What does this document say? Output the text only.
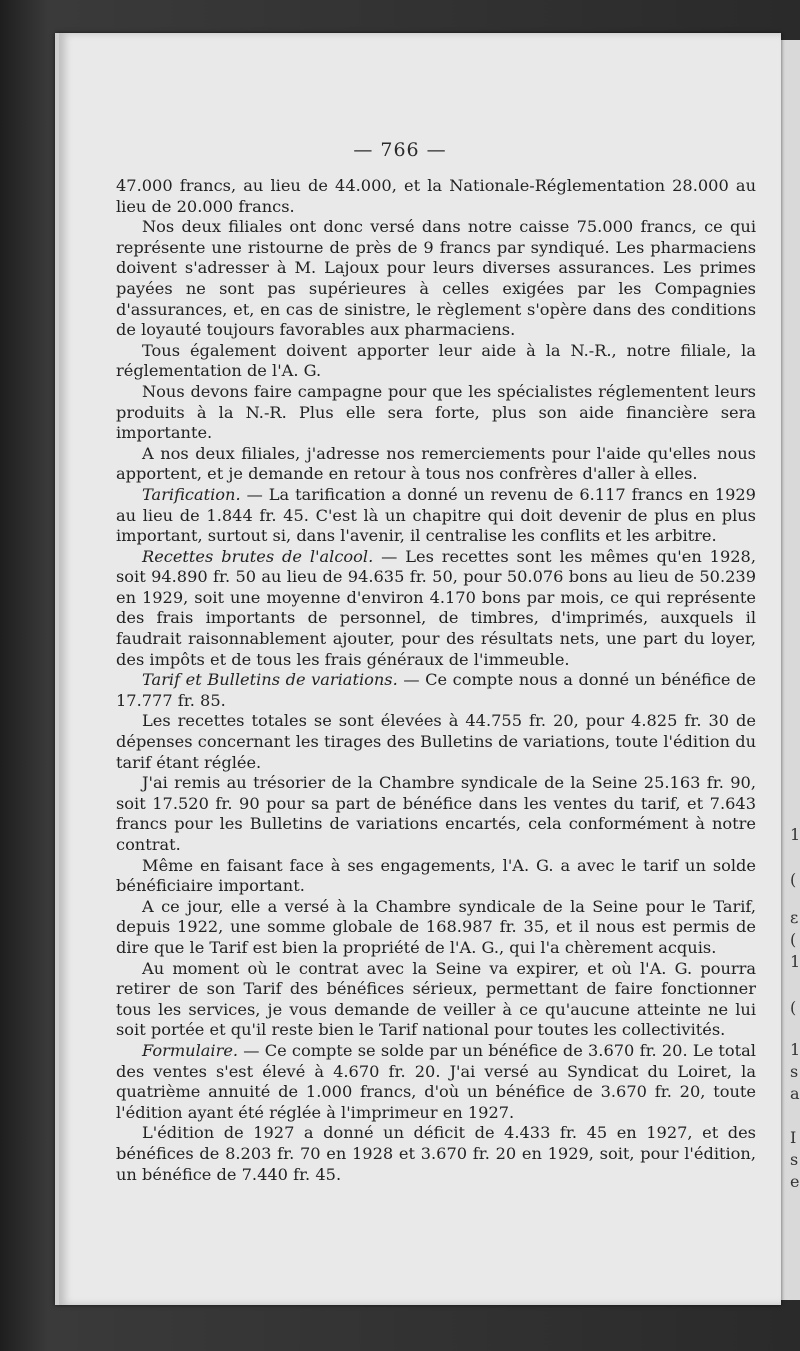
1
(
ε
(
1
(
1
s
a
I
s
e
— 766 —

47.000 francs, au lieu de 44.000, et la Nationale-Réglementation 28.000 au lieu de 20.000 francs.

Nos deux filiales ont donc versé dans notre caisse 75.000 francs, ce qui représente une ristourne de près de 9 francs par syndiqué. Les pharmaciens doivent s'adresser à M. Lajoux pour leurs diverses assurances. Les primes payées ne sont pas supérieures à celles exigées par les Compagnies d'assurances, et, en cas de sinistre, le règlement s'opère dans des conditions de loyauté toujours favorables aux pharmaciens.

Tous également doivent apporter leur aide à la N.-R., notre filiale, la réglementation de l'A. G.

Nous devons faire campagne pour que les spécialistes réglementent leurs produits à la N.-R. Plus elle sera forte, plus son aide financière sera importante.

A nos deux filiales, j'adresse nos remerciements pour l'aide qu'elles nous apportent, et je demande en retour à tous nos confrères d'aller à elles.

Tarification. — La tarification a donné un revenu de 6.117 francs en 1929 au lieu de 1.844 fr. 45. C'est là un chapitre qui doit devenir de plus en plus important, surtout si, dans l'avenir, il centralise les conflits et les arbitre.

Recettes brutes de l'alcool. — Les recettes sont les mêmes qu'en 1928, soit 94.890 fr. 50 au lieu de 94.635 fr. 50, pour 50.076 bons au lieu de 50.239 en 1929, soit une moyenne d'environ 4.170 bons par mois, ce qui représente des frais importants de personnel, de timbres, d'imprimés, auxquels il faudrait raisonnablement ajouter, pour des résultats nets, une part du loyer, des impôts et de tous les frais généraux de l'immeuble.

Tarif et Bulletins de variations. — Ce compte nous a donné un bénéfice de 17.777 fr. 85.

Les recettes totales se sont élevées à 44.755 fr. 20, pour 4.825 fr. 30 de dépenses concernant les tirages des Bulletins de variations, toute l'édition du tarif étant réglée.

J'ai remis au trésorier de la Chambre syndicale de la Seine 25.163 fr. 90, soit 17.520 fr. 90 pour sa part de bénéfice dans les ventes du tarif, et 7.643 francs pour les Bulletins de variations encartés, cela conformément à notre contrat.

Même en faisant face à ses engagements, l'A. G. a avec le tarif un solde bénéficiaire important.

A ce jour, elle a versé à la Chambre syndicale de la Seine pour le Tarif, depuis 1922, une somme globale de 168.987 fr. 35, et il nous est permis de dire que le Tarif est bien la propriété de l'A. G., qui l'a chèrement acquis.

Au moment où le contrat avec la Seine va expirer, et où l'A. G. pourra retirer de son Tarif des bénéfices sérieux, permettant de faire fonctionner tous les services, je vous demande de veiller à ce qu'aucune atteinte ne lui soit portée et qu'il reste bien le Tarif national pour toutes les collectivités.

Formulaire. — Ce compte se solde par un bénéfice de 3.670 fr. 20. Le total des ventes s'est élevé à 4.670 fr. 20. J'ai versé au Syndicat du Loiret, la quatrième annuité de 1.000 francs, d'où un bénéfice de 3.670 fr. 20, toute l'édition ayant été réglée à l'imprimeur en 1927.

L'édition de 1927 a donné un déficit de 4.433 fr. 45 en 1927, et des bénéfices de 8.203 fr. 70 en 1928 et 3.670 fr. 20 en 1929, soit, pour l'édition, un bénéfice de 7.440 fr. 45.
